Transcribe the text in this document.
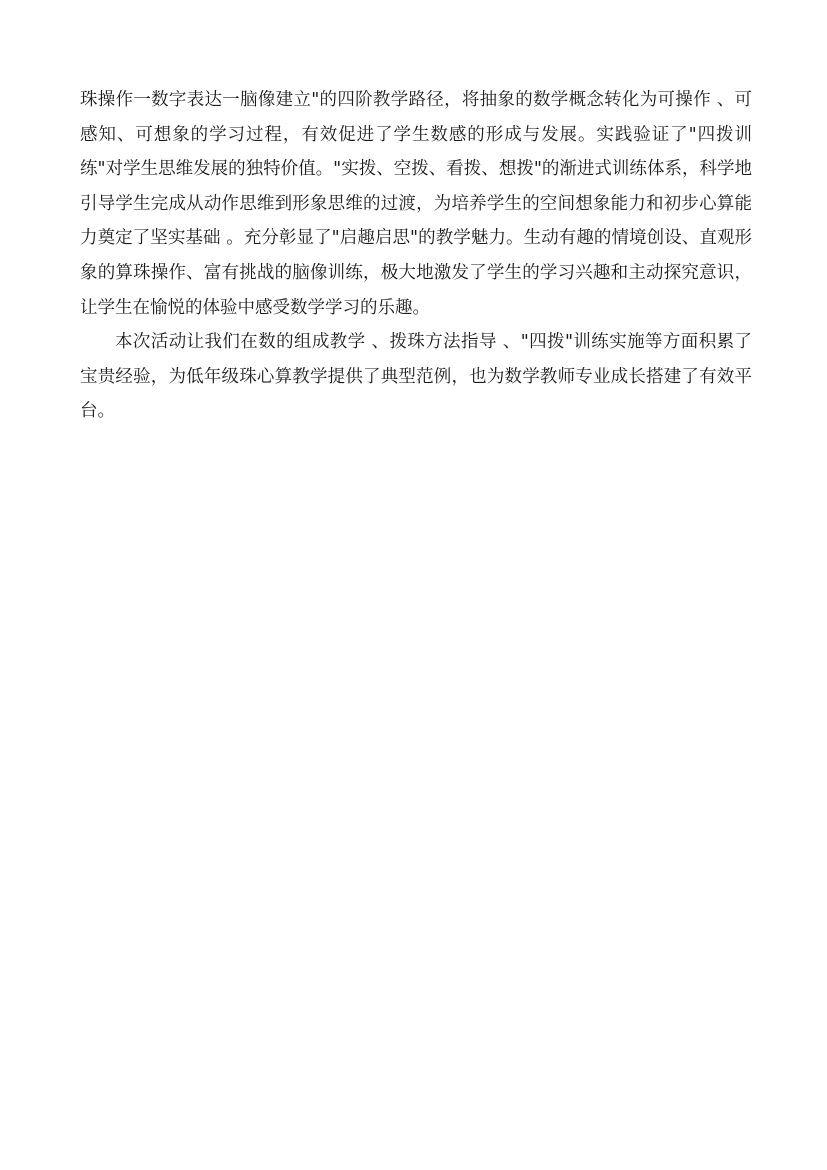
珠操作一数字表达一脑像建立"的四阶教学路径，将抽象的数学概念转化为可操作 、可感知、可想象的学习过程，有效促进了学生数感的形成与发展。实践验证了"四拨训练"对学生思维发展的独特价值。"实拨、空拨、看拨、想拨"的渐进式训练体系，科学地引导学生完成从动作思维到形象思维的过渡，为培养学生的空间想象能力和初步心算能力奠定了坚实基础 。充分彰显了"启趣启思"的教学魅力。生动有趣的情境创设、直观形象的算珠操作、富有挑战的脑像训练，极大地激发了学生的学习兴趣和主动探究意识，让学生在愉悦的体验中感受数学学习的乐趣。

本次活动让我们在数的组成教学 、拨珠方法指导 、"四拨"训练实施等方面积累了宝贵经验，为低年级珠心算教学提供了典型范例，也为数学教师专业成长搭建了有效平台。
